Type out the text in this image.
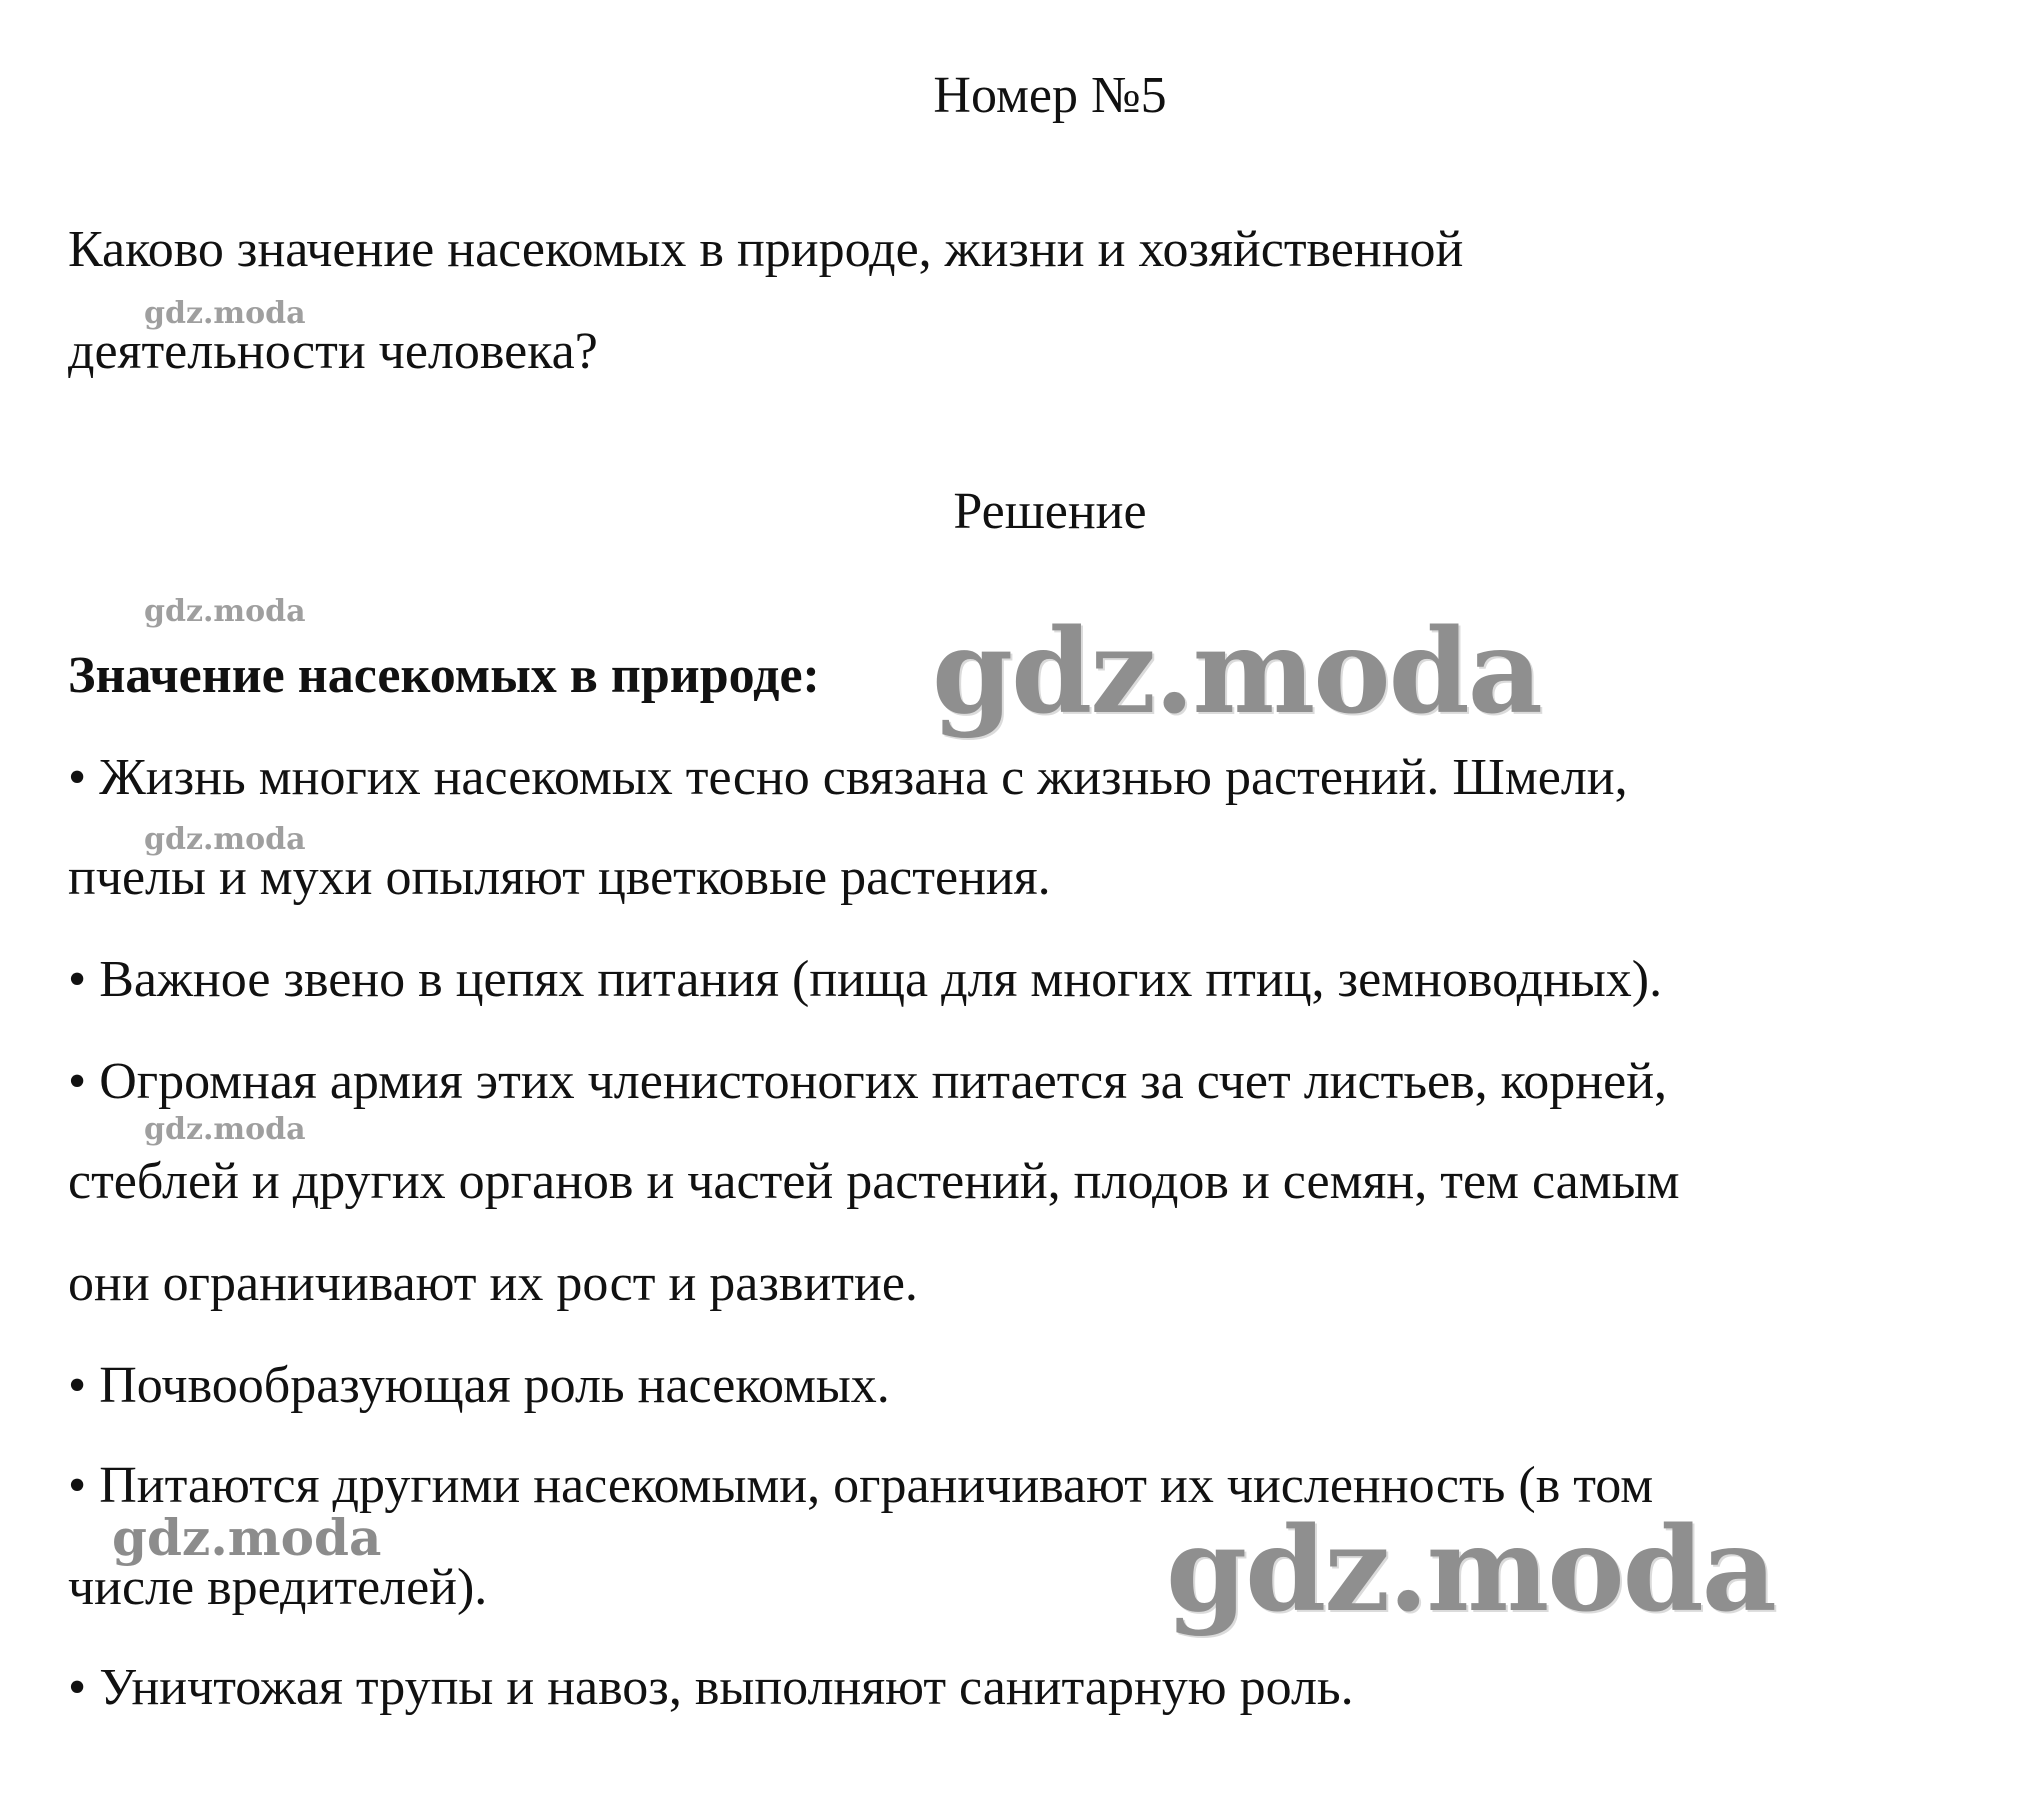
Номер №5
Каково значение насекомых в природе, жизни и хозяйственной
деятельности человека?
Решение
Значение насекомых в природе:
• Жизнь многих насекомых тесно связана с жизнью растений. Шмели,
пчелы и мухи опыляют цветковые растения.
• Важное звено в цепях питания (пища для многих птиц, земноводных).
• Огромная армия этих членистоногих питается за счет листьев, корней,
стеблей и других органов и частей растений, плодов и семян, тем самым
они ограничивают их рост и развитие.
• Почвообразующая роль насекомых.
• Питаются другими насекомыми, ограничивают их численность (в том
числе вредителей).
• Уничтожая трупы и навоз, выполняют санитарную роль.
gdz.moda
gdz.moda
gdz.moda
gdz.moda
gdz.moda
gdz.moda
gdz.moda
